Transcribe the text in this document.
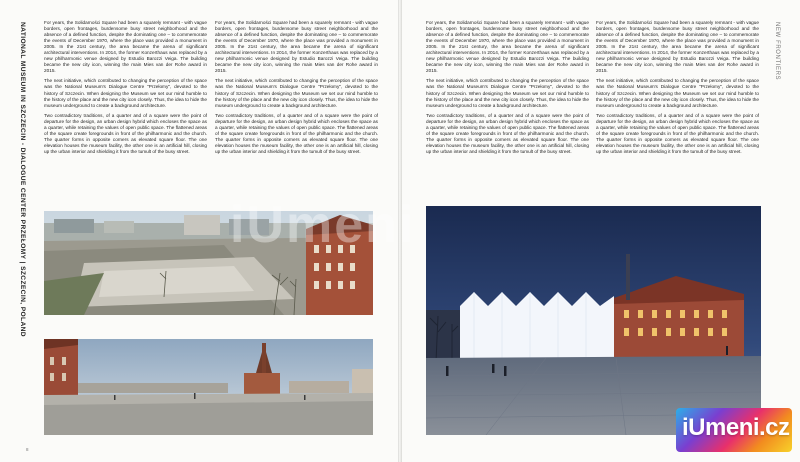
NATIONAL MUSEUM IN SZCZECIN - DIALOGUE CENTER PRZEŁOMY | SZCZECIN, POLAND	NEW FRONTIERS

For years, the Solidarności Square had been a squarely remnant - with vague borders, open frontages, burdensome busy street neighborhood and the absence of a defined function, despite the dominating one – to commemorate the events of December 1970, where the place was provided a monument in 2005. In the 21st century, the area became the arena of significant architectural interventions. In 2014, the former Konzerthaus was replaced by a new philharmonic venue designed by Estudio Barozzi Veiga. The building became the new city icon, winning the main Mies van der Rohe award in 2015.

The next initiative, which contributed to changing the perception of the space was the National Museum's Dialogue Centre "Przełomy", devoted to the history of Szczecin. When designing the Museum we set our mind humble to the history of the place and the new city icon closely. Thus, the idea to hide the museum underground to create a background architecture.

Two contradictory traditions, of a quarter and of a square were the point of departure for the design, an urban design hybrid which encloses the space as a quarter, while retaining the values of open public space. The flattened areas of the square create foregrounds in front of the philharmonic and the church. The quarter forms in opposite corners as elevated square floor. The one elevation houses the museum facility, the other one is an artificial hill, closing up the urban interior and shielding it from the tumult of the busy street.

For years, the Solidarności Square had been a squarely remnant - with vague borders, open frontages, burdensome busy street neighborhood and the absence of a defined function, despite the dominating one – to commemorate the events of December 1970, where the place was provided a monument in 2005. In the 21st century, the area became the arena of significant architectural interventions. In 2014, the former Konzerthaus was replaced by a new philharmonic venue designed by Estudio Barozzi Veiga. The building became the new city icon, winning the main Mies van der Rohe award in 2015.

The next initiative, which contributed to changing the perception of the space was the National Museum's Dialogue Centre "Przełomy", devoted to the history of Szczecin. When designing the Museum we set our mind humble to the history of the place and the new city icon closely. Thus, the idea to hide the museum underground to create a background architecture.

Two contradictory traditions, of a quarter and of a square were the point of departure for the design, an urban design hybrid which encloses the space as a quarter, while retaining the values of open public space. The flattened areas of the square create foregrounds in front of the philharmonic and the church. The quarter forms in opposite corners as elevated square floor. The one elevation houses the museum facility, the other one is an artificial hill, closing up the urban interior and shielding it from the tumult of the busy street.

For years, the Solidarności Square had been a squarely remnant - with vague borders, open frontages, burdensome busy street neighborhood and the absence of a defined function, despite the dominating one – to commemorate the events of December 1970, where the place was provided a monument in 2005. In the 21st century, the area became the arena of significant architectural interventions. In 2014, the former Konzerthaus was replaced by a new philharmonic venue designed by Estudio Barozzi Veiga. The building became the new city icon, winning the main Mies van der Rohe award in 2015.

The next initiative, which contributed to changing the perception of the space was the National Museum's Dialogue Centre "Przełomy", devoted to the history of Szczecin. When designing the Museum we set our mind humble to the history of the place and the new city icon closely. Thus, the idea to hide the museum underground to create a background architecture.

Two contradictory traditions, of a quarter and of a square were the point of departure for the design, an urban design hybrid which encloses the space as a quarter, while retaining the values of open public space. The flattened areas of the square create foregrounds in front of the philharmonic and the church. The quarter forms in opposite corners as elevated square floor. The one elevation houses the museum facility, the other one is an artificial hill, closing up the urban interior and shielding it from the tumult of the busy street.

For years, the Solidarności Square had been a squarely remnant - with vague borders, open frontages, burdensome busy street neighborhood and the absence of a defined function, despite the dominating one – to commemorate the events of December 1970, where the place was provided a monument in 2005. In the 21st century, the area became the arena of significant architectural interventions. In 2014, the former Konzerthaus was replaced by a new philharmonic venue designed by Estudio Barozzi Veiga. The building became the new city icon, winning the main Mies van der Rohe award in 2015.

The next initiative, which contributed to changing the perception of the space was the National Museum's Dialogue Centre "Przełomy", devoted to the history of Szczecin. When designing the Museum we set our mind humble to the history of the place and the new city icon closely. Thus, the idea to hide the museum underground to create a background architecture.

Two contradictory traditions, of a quarter and of a square were the point of departure for the design, an urban design hybrid which encloses the space as a quarter, while retaining the values of open public space. The flattened areas of the square create foregrounds in front of the philharmonic and the church. The quarter forms in opposite corners as elevated square floor. The one elevation houses the museum facility, the other one is an artificial hill, closing up the urban interior and shielding it from the tumult of the busy street.

iUmeni
8
iUmeni.cz
